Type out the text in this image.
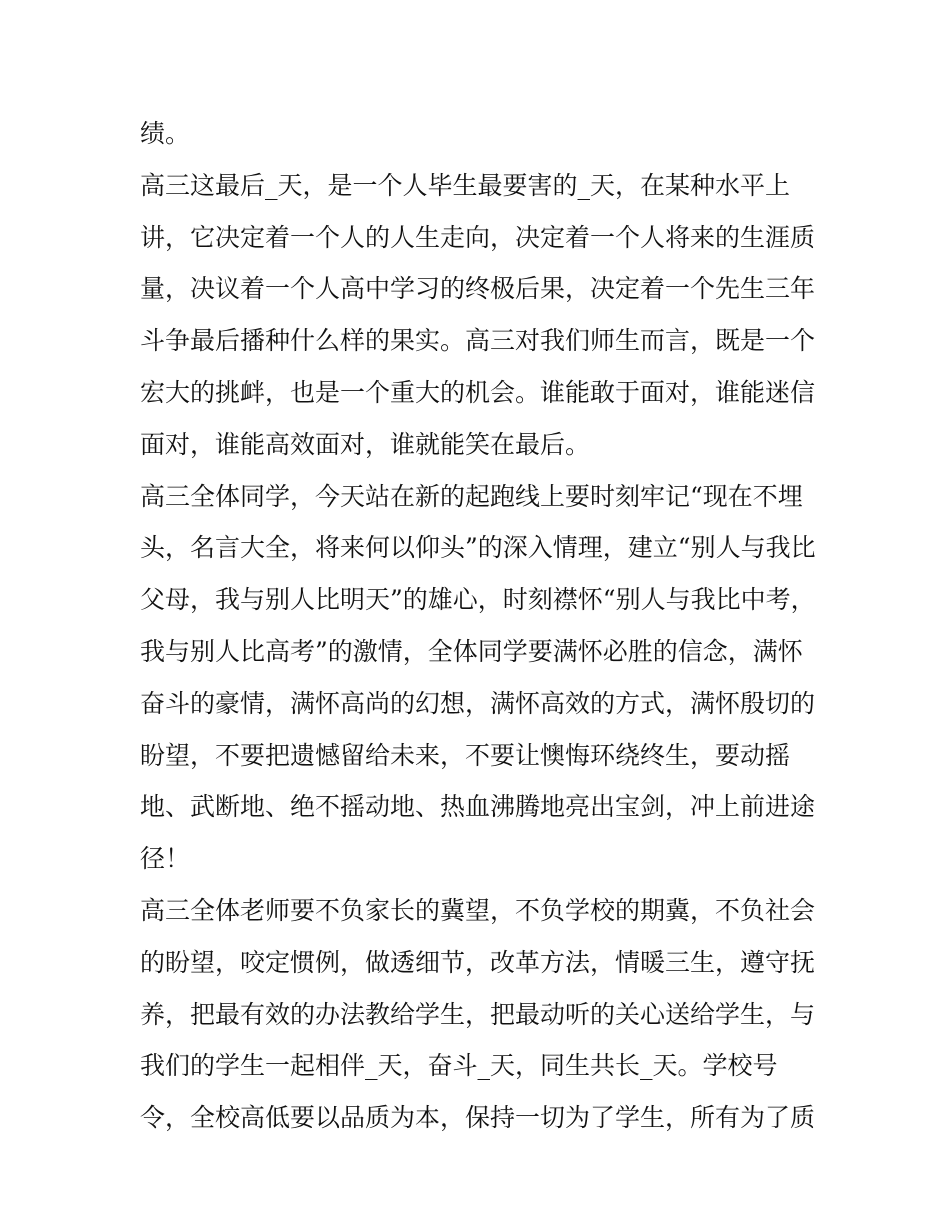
绩。
高三这最后_天，是一个人毕生最要害的_天，在某种水平上
讲，它决定着一个人的人生走向，决定着一个人将来的生涯质
量，决议着一个人高中学习的终极后果，决定着一个先生三年
斗争最后播种什么样的果实。高三对我们师生而言，既是一个
宏大的挑衅，也是一个重大的机会。谁能敢于面对，谁能迷信
面对，谁能高效面对，谁就能笑在最后。
高三全体同学，今天站在新的起跑线上要时刻牢记“现在不埋
头，名言大全，将来何以仰头”的深入情理，建立“别人与我比
父母，我与别人比明天”的雄心，时刻襟怀“别人与我比中考，
我与别人比高考”的激情，全体同学要满怀必胜的信念，满怀
奋斗的豪情，满怀高尚的幻想，满怀高效的方式，满怀殷切的
盼望，不要把遗憾留给未来，不要让懊悔环绕终生，要动摇
地、武断地、绝不摇动地、热血沸腾地亮出宝剑，冲上前进途
径！
高三全体老师要不负家长的冀望，不负学校的期冀，不负社会
的盼望，咬定惯例，做透细节，改革方法，情暖三生，遵守抚
养，把最有效的办法教给学生，把最动听的关心送给学生，与
我们的学生一起相伴_天，奋斗_天，同生共长_天。学校号
令，全校高低要以品质为本，保持一切为了学生，所有为了质
